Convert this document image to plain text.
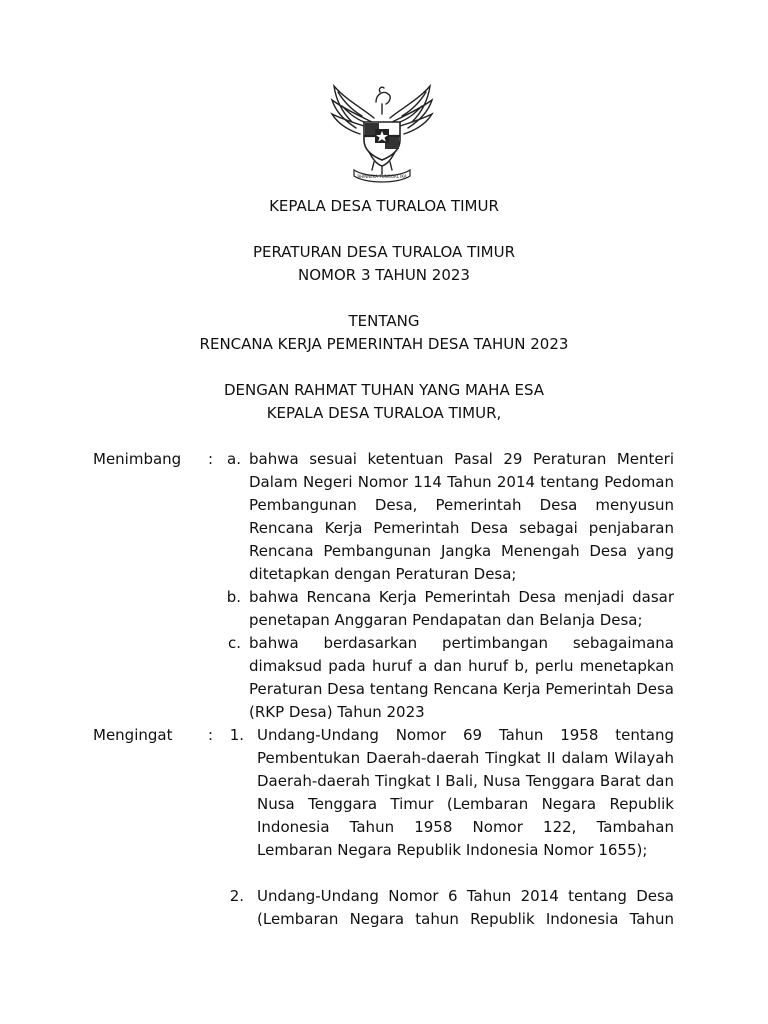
BHINNEKA TUNGGAL IKA
KEPALA DESA TURALOA TIMUR
PERATURAN DESA TURALOA TIMUR
NOMOR 3 TAHUN 2023
TENTANG
RENCANA KERJA PEMERINTAH DESA TAHUN 2023
DENGAN RAHMAT TUHAN YANG MAHA ESA
KEPALA DESA TURALOA TIMUR,
Menimbang : a. bahwa sesuai ketentuan Pasal 29 Peraturan Menteri Dalam Negeri Nomor 114 Tahun 2014 tentang Pedoman Pembangunan Desa, Pemerintah Desa menyusun Rencana Kerja Pemerintah Desa sebagai penjabaran Rencana Pembangunan Jangka Menengah Desa yang ditetapkan dengan Peraturan Desa;
b. bahwa Rencana Kerja Pemerintah Desa menjadi dasar penetapan Anggaran Pendapatan dan Belanja Desa;
c. bahwa berdasarkan pertimbangan sebagaimana dimaksud pada huruf a dan huruf b, perlu menetapkan Peraturan Desa tentang Rencana Kerja Pemerintah Desa (RKP Desa) Tahun 2023
Mengingat :	1. Undang-Undang Nomor 69 Tahun 1958 tentang Pembentukan Daerah-daerah Tingkat II dalam Wilayah Daerah-daerah Tingkat I Bali, Nusa Tenggara Barat dan Nusa Tenggara Timur (Lembaran Negara Republik Indonesia Tahun 1958 Nomor 122, Tambahan Lembaran Negara Republik Indonesia Nomor 1655);
2. Undang-Undang Nomor 6 Tahun 2014 tentang Desa (Lembaran Negara tahun Republik Indonesia Tahun
